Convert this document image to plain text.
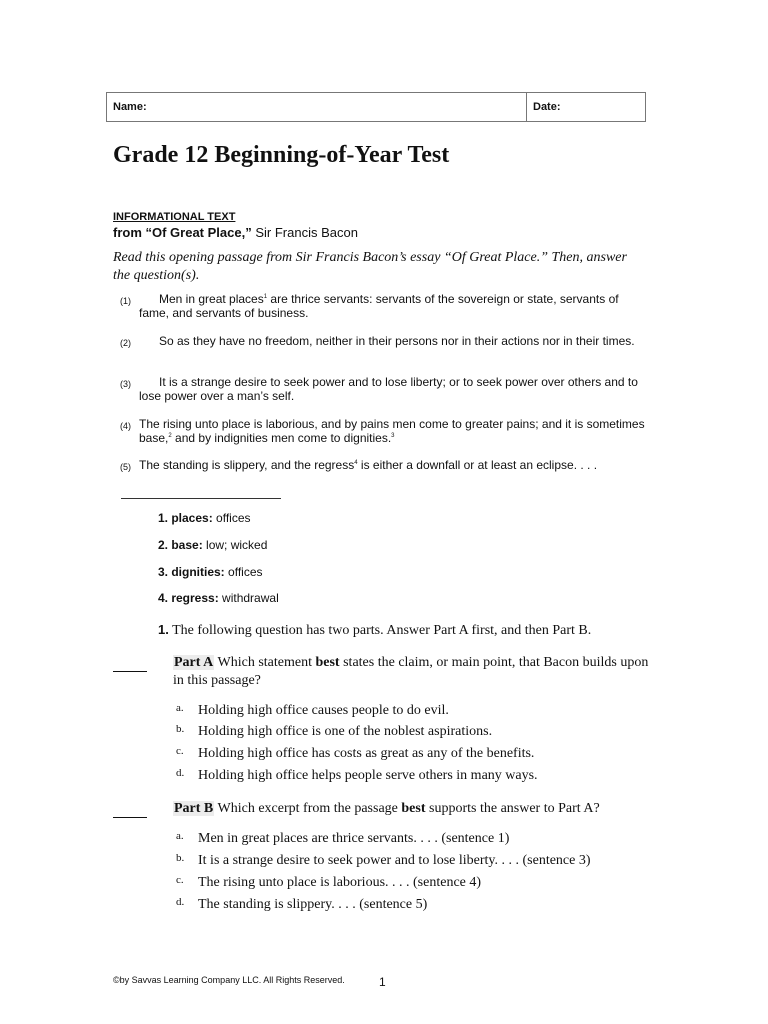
Name:	Date:
Grade 12 Beginning-of-Year Test
INFORMATIONAL TEXT
from “Of Great Place,” Sir Francis Bacon
Read this opening passage from Sir Francis Bacon’s essay “Of Great Place.” Then, answer the question(s).
(1)	Men in great places$^1$ are thrice servants: servants of the sovereign or state, servants of fame, and servants of business.
(2)	So as they have no freedom, neither in their persons nor in their actions nor in their times.
(3)	It is a strange desire to seek power and to lose liberty; or to seek power over others and to lose power over a man’s self.
(4) The rising unto place is laborious, and by pains men come to greater pains; and it is sometimes base,$^2$ and by indignities men come to dignities.$^3$
(5) The standing is slippery, and the regress$^4$ is either a downfall or at least an eclipse. . . .
1. places: offices
2. base: low; wicked
3. dignities: offices
4. regress: withdrawal
1. The following question has two parts. Answer Part A first, and then Part B.
Part A Which statement best states the claim, or main point, that Bacon builds upon in this passage?
a. Holding high office causes people to do evil.
b. Holding high office is one of the noblest aspirations.
c. Holding high office has costs as great as any of the benefits.
d. Holding high office helps people serve others in many ways.
Part B Which excerpt from the passage best supports the answer to Part A?
a. Men in great places are thrice servants. . . . (sentence 1)
b. It is a strange desire to seek power and to lose liberty. . . . (sentence 3)
c. The rising unto place is laborious. . . . (sentence 4)
d. The standing is slippery. . . . (sentence 5)
©by Savvas Learning Company LLC. All Rights Reserved.	1
